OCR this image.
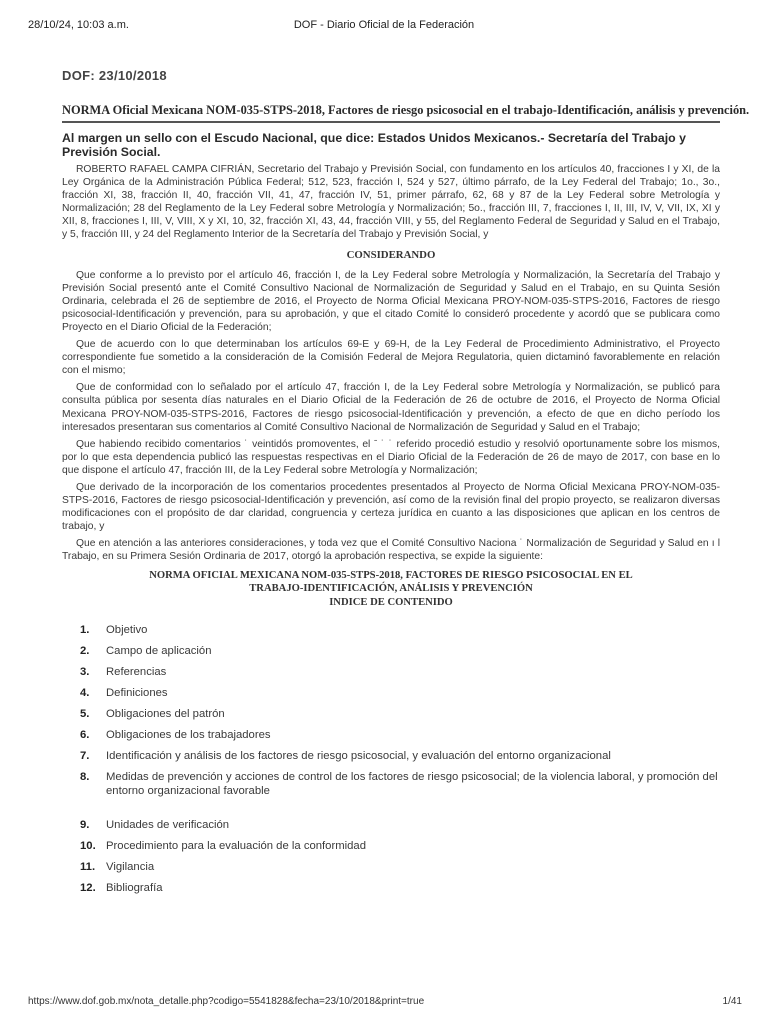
28/10/24, 10:03 a.m.	DOF - Diario Oficial de la Federación
DOF: 23/10/2018
NORMA Oficial Mexicana NOM-035-STPS-2018, Factores de riesgo psicosocial en el trabajo-Identificación, análisis y prevención.
Al margen un sello con el Escudo Nacional, que dice: Estados Unidos Mexicanos.- Secretaría del Trabajo y Previsión Social.

ROBERTO RAFAEL CAMPA CIFRIÁN, Secretario del Trabajo y Previsión Social, con fundamento en los artículos 40, fracciones I y XI, de la Ley Orgánica de la Administración Pública Federal; 512, 523, fracción I, 524 y 527, último párrafo, de la Ley Federal del Trabajo; 1o., 3o., fracción XI, 38, fracción II, 40, fracción VII, 41, 47, fracción IV, 51, primer párrafo, 62, 68 y 87 de la Ley Federal sobre Metrología y Normalización; 28 del Reglamento de la Ley Federal sobre Metrología y Normalización; 5o., fracción III, 7, fracciones I, II, III, IV, V, VII, IX, XI y XII, 8, fracciones I, III, V, VIII, X y XI, 10, 32, fracción XI, 43, 44, fracción VIII, y 55, del Reglamento Federal de Seguridad y Salud en el Trabajo, y 5, fracción III, y 24 del Reglamento Interior de la Secretaría del Trabajo y Previsión Social, y

CONSIDERANDO

Que conforme a lo previsto por el artículo 46, fracción I, de la Ley Federal sobre Metrología y Normalización, la Secretaría del Trabajo y Previsión Social presentó ante el Comité Consultivo Nacional de Normalización de Seguridad y Salud en el Trabajo, en su Quinta Sesión Ordinaria, celebrada el 26 de septiembre de 2016, el Proyecto de Norma Oficial Mexicana PROY-NOM-035-STPS-2016, Factores de riesgo psicosocial-Identificación y prevención, para su aprobación, y que el citado Comité lo consideró procedente y acordó que se publicara como Proyecto en el Diario Oficial de la Federación;

Que de acuerdo con lo que determinaban los artículos 69-E y 69-H, de la Ley Federal de Procedimiento Administrativo, el Proyecto correspondiente fue sometido a la consideración de la Comisión Federal de Mejora Regulatoria, quien dictaminó favorablemente en relación con el mismo;

Que de conformidad con lo señalado por el artículo 47, fracción I, de la Ley Federal sobre Metrología y Normalización, se publicó para consulta pública por sesenta días naturales en el Diario Oficial de la Federación de 26 de octubre de 2016, el Proyecto de Norma Oficial Mexicana PROY-NOM-035-STPS-2016, Factores de riesgo psicosocial-Identificación y prevención, a efecto de que en dicho período los interesados presentaran sus comentarios al Comité Consultivo Nacional de Normalización de Seguridad y Salud en el Trabajo;

Que habiendo recibido comentarios ˙ veintidós promoventes, el ˉ ˙ ˙ referido procedió estudio y resolvió oportunamente sobre los mismos, por lo que esta dependencia publicó las respuestas respectivas en el Diario Oficial de la Federación de 26 de mayo de 2017, con base en lo que dispone el artículo 47, fracción III, de la Ley Federal sobre Metrología y Normalización;

Que derivado de la incorporación de los comentarios procedentes presentados al Proyecto de Norma Oficial Mexicana PROY-NOM-035-STPS-2016, Factores de riesgo psicosocial-Identificación y prevención, así como de la revisión final del propio proyecto, se realizaron diversas modificaciones con el propósito de dar claridad, congruencia y certeza jurídica en cuanto a las disposiciones que aplican en los centros de trabajo, y

Que en atención a las anteriores consideraciones, y toda vez que el Comité Consultivo Naciona ˙ Normalización de Seguridad y Salud en ı l Trabajo, en su Primera Sesión Ordinaria de 2017, otorgó la aprobación respectiva, se expide la siguiente:

NORMA OFICIAL MEXICANA NOM-035-STPS-2018, FACTORES DE RIESGO PSICOSOCIAL EN EL
TRABAJO-IDENTIFICACIÓN, ANÁLISIS Y PREVENCIÓN
INDICE DE CONTENIDO
1. Objetivo
2. Campo de aplicación
3. Referencias
4. Definiciones
5. Obligaciones del patrón
6. Obligaciones de los trabajadores
7. Identificación y análisis de los factores de riesgo psicosocial, y evaluación del entorno organizacional
8. Medidas de prevención y acciones de control de los factores de riesgo psicosocial; de la violencia laboral, y promoción del entorno organizacional favorable
9. Unidades de verificación
10. Procedimiento para la evaluación de la conformidad
11. Vigilancia
12. Bibliografía
https://www.dof.gob.mx/nota_detalle.php?codigo=5541828&fecha=23/10/2018&print=true	1/41
